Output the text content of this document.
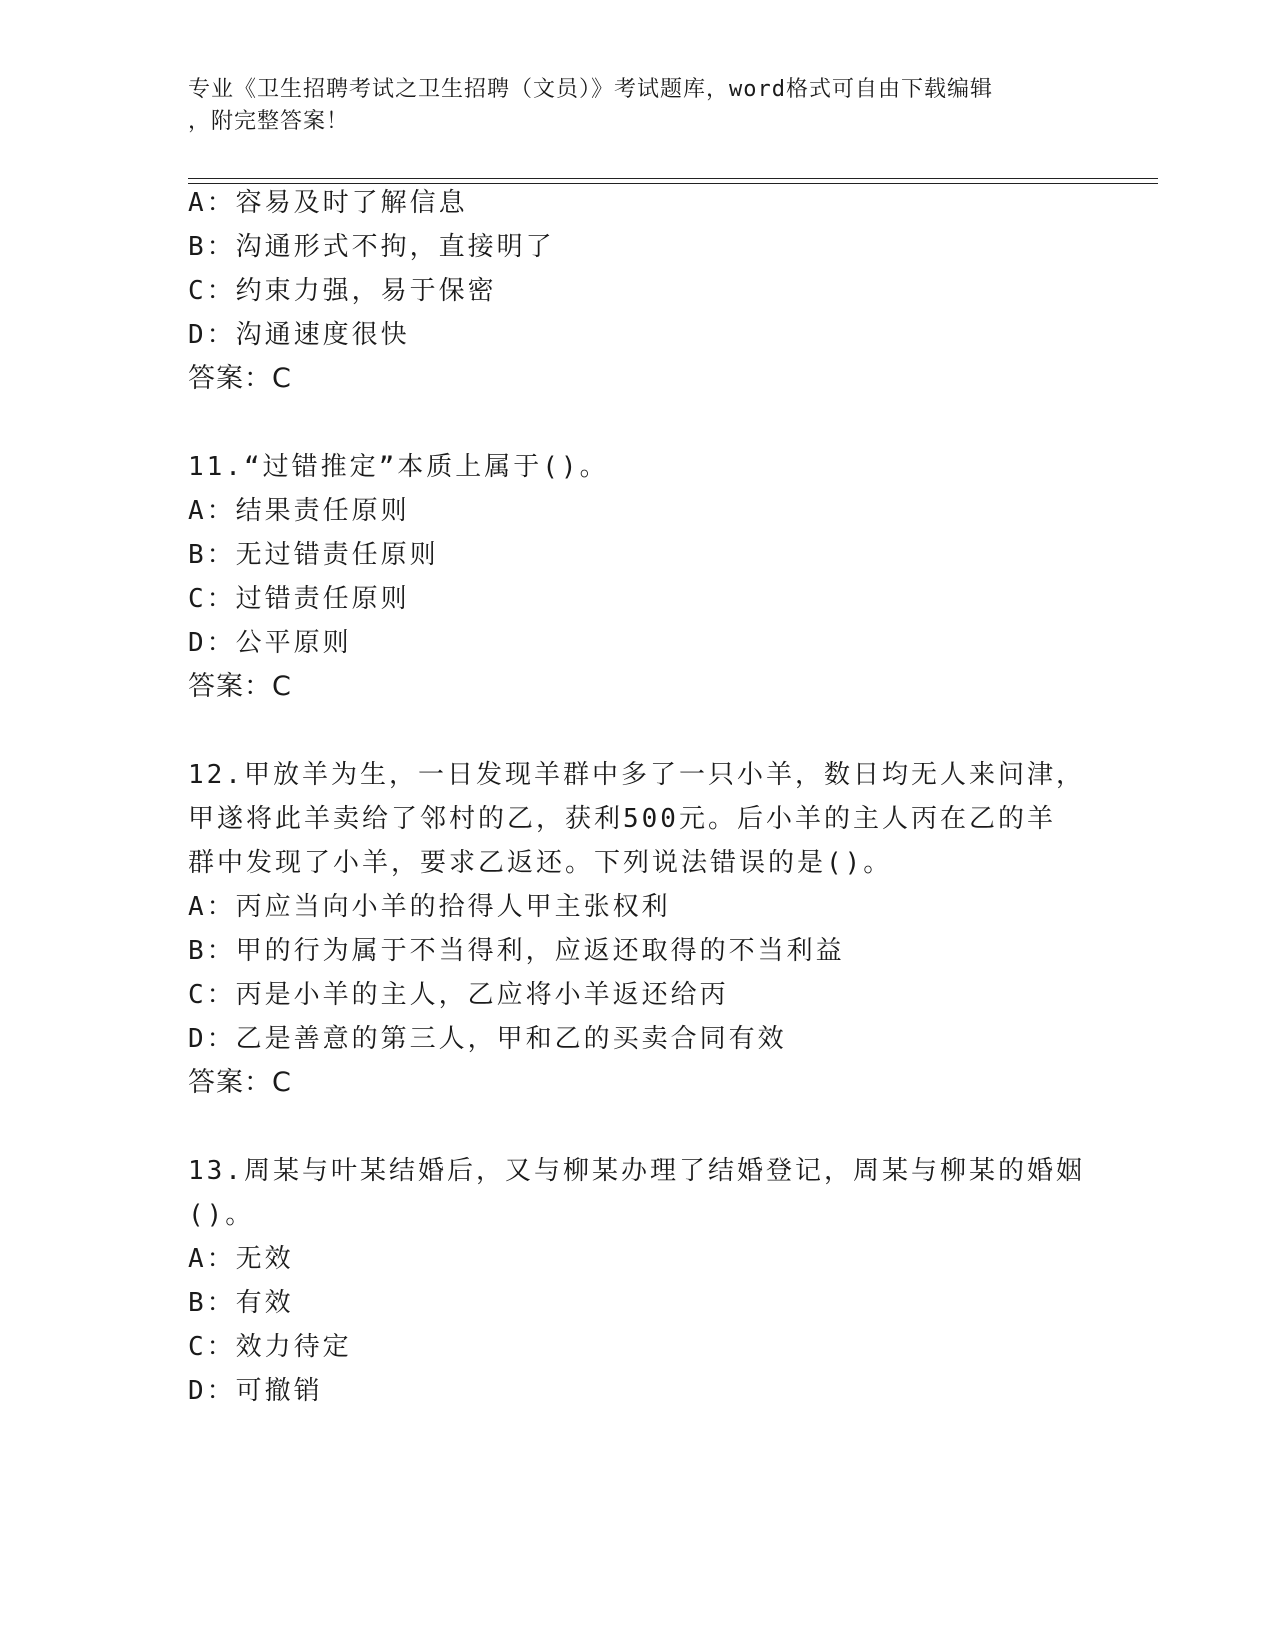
专业《卫生招聘考试之卫生招聘（文员）》考试题库，word格式可自由下载编辑
，附完整答案！
A：容易及时了解信息
B：沟通形式不拘，直接明了
C：约束力强，易于保密
D：沟通速度很快
答案：C
11.“过错推定”本质上属于()。
A：结果责任原则
B：无过错责任原则
C：过错责任原则
D：公平原则
答案：C
12.甲放羊为生，一日发现羊群中多了一只小羊，数日均无人来问津，
甲遂将此羊卖给了邻村的乙，获利500元。后小羊的主人丙在乙的羊
群中发现了小羊，要求乙返还。下列说法错误的是()。
A：丙应当向小羊的拾得人甲主张权利
B：甲的行为属于不当得利，应返还取得的不当利益
C：丙是小羊的主人，乙应将小羊返还给丙
D：乙是善意的第三人，甲和乙的买卖合同有效
答案：C
13.周某与叶某结婚后，又与柳某办理了结婚登记，周某与柳某的婚姻
()。
A：无效
B：有效
C：效力待定
D：可撤销
